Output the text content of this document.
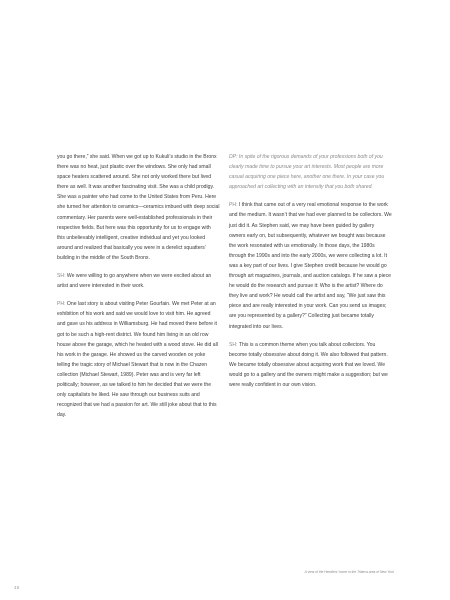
you go there,” she said. When we got up to Kukuli’s studio in the Bronx there was no heat, just plastic over the windows. She only had small space heaters scattered around. She not only worked there but lived there as well. It was another fascinating visit. She was a child prodigy. She was a painter who had come to the United States from Peru. Here she turned her attention to ceramics—ceramics imbued with deep social commentary. Her parents were well-established professionals in their respective fields. But here was this opportunity for us to engage with this unbelievably intelligent, creative individual and yet you looked around and realized that basically you were in a derelict squatters’ building in the middle of the South Bronx.

SH: We were willing to go anywhere when we were excited about an artist and were interested in their work.

PH: One last story is about visiting Peter Gourfain. We met Peter at an exhibition of his work and said we would love to visit him. He agreed and gave us his address in Williamsburg. He had moved there before it got to be such a high-rent district. We found him living in an old row house above the garage, which he heated with a wood stove. He did all his work in the garage. He showed us the carved wooden ox yoke telling the tragic story of Michael Stewart that is now in the Chazen collection (Michael Stewart, 1989). Peter was and is very far left politically; however, as we talked to him he decided that we were the only capitalists he liked. He saw through our business suits and recognized that we had a passion for art. We still joke about that to this day.

DP: In spite of the rigorous demands of your professions both of you clearly made time to pursue your art interests. Most people are more casual acquiring one piece here, another one there. In your case you approached art collecting with an intensity that you both shared.

PH: I think that came out of a very real emotional response to the work and the medium. It wasn’t that we had ever planned to be collectors. We just did it. As Stephen said, we may have been guided by gallery owners early on, but subsequently, whatever we bought was because the work resonated with us emotionally. In those days, the 1980s through the 1990s and into the early 2000s, we were collecting a lot. It was a key part of our lives. I give Stephen credit because he would go through art magazines, journals, and auction catalogs. If he saw a piece he would do the research and pursue it: Who is the artist? Where do they live and work? He would call the artist and say, “We just saw this piece and are really interested in your work. Can you send us images; are you represented by a gallery?” Collecting just became totally integrated into our lives.

SH: This is a common theme when you talk about collectors. You become totally obsessive about doing it. We also followed that pattern. We became totally obsessive about acquiring work that we loved. We would go to a gallery and the owners might make a suggestion; but we were really confident in our own vision.

A view of the Hendlers’ home in the Tribeca area of New York
48
